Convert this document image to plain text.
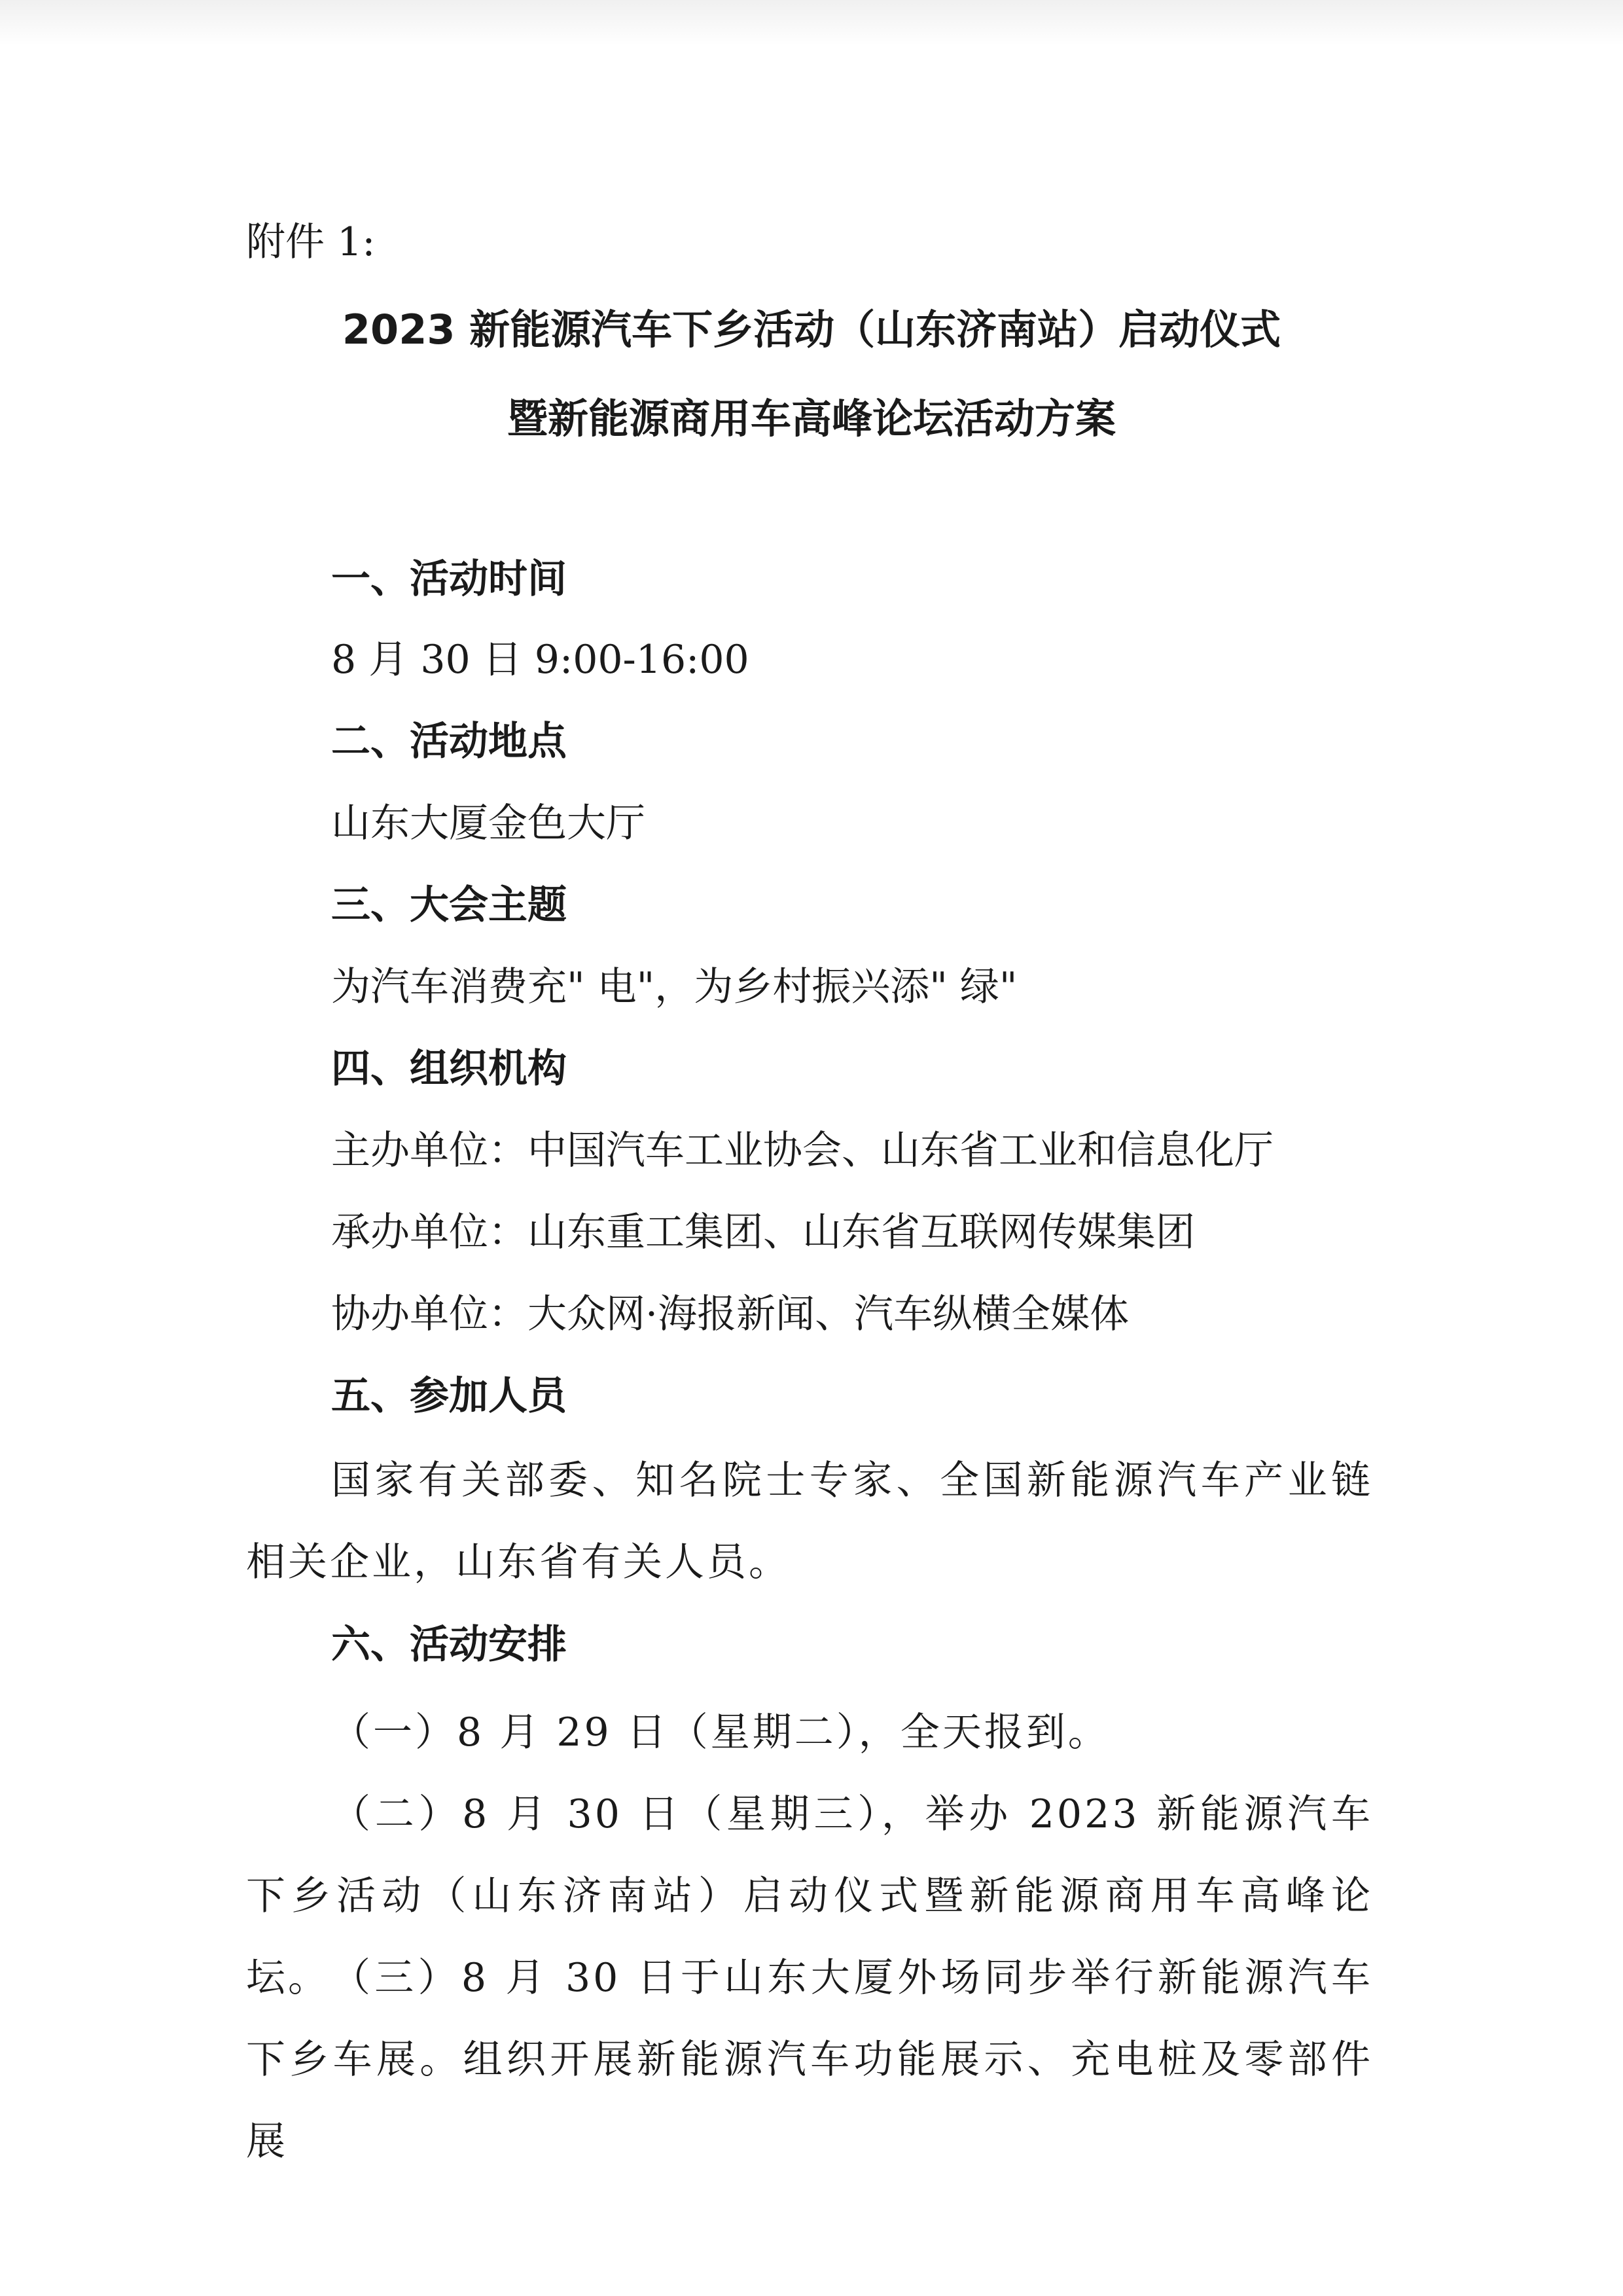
附件 1:
2023 新能源汽车下乡活动（山东济南站）启动仪式
暨新能源商用车高峰论坛活动方案
一、活动时间
8 月 30 日 9:00-16:00
二、活动地点
山东大厦金色大厅
三、大会主题
为汽车消费充" 电"，为乡村振兴添" 绿"
四、组织机构
主办单位：中国汽车工业协会、山东省工业和信息化厅
承办单位：山东重工集团、山东省互联网传媒集团
协办单位：大众网·海报新闻、汽车纵横全媒体
五、参加人员
国家有关部委、知名院士专家、全国新能源汽车产业链相关企业，山东省有关人员。
六、活动安排
（一）8 月 29 日（星期二），全天报到。
（二）8 月 30 日（星期三），举办 2023 新能源汽车下乡活动（山东济南站）启动仪式暨新能源商用车高峰论坛。 （三）8 月 30 日于山东大厦外场同步举行新能源汽车下乡车展。组织开展新能源汽车功能展示、充电桩及零部件展
